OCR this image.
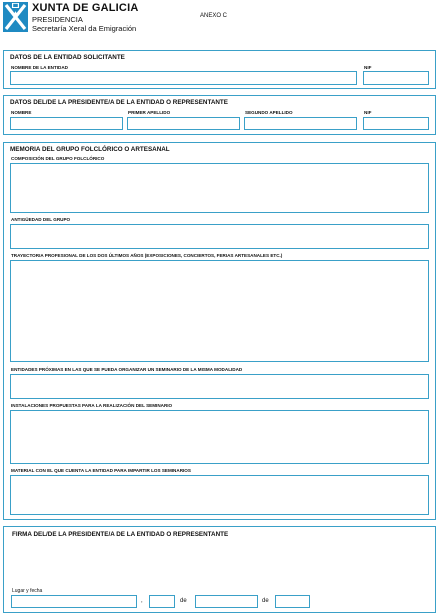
XUNTA DE GALICIA
PRESIDENCIA
Secretaría Xeral da Emigración
ANEXO C
DATOS DE LA ENTIDAD SOLICITANTE
NOMBRE DE LA ENTIDAD	NIF
DATOS DEL/DE LA PRESIDENTE/A DE LA ENTIDAD O REPRESENTANTE
NOMBRE	PRIMER APELLIDO	SEGUNDO APELLIDO	NIF
MEMORIA DEL GRUPO FOLCLÓRICO O ARTESANAL
COMPOSICIÓN DEL GRUPO FOLCLÓRICO
ANTIGÜEDAD DEL GRUPO
TRAYECTORIA PROFESIONAL DE LOS DOS ÚLTIMOS AÑOS (EXPOSICIONES, CONCIERTOS, FERIAS ARTESANALES ETC.)
ENTIDADES PRÓXIMAS EN LAS QUE SE PUEDA ORGANIZAR UN SEMINARIO DE LA MISMA MODALIDAD
INSTALACIONES PROPUESTAS PARA LA REALIZACIÓN DEL SEMINARIO
MATERIAL CON EL QUE CUENTA LA ENTIDAD PARA IMPARTIR LOS SEMINARIOS
FIRMA DEL/DE LA PRESIDENTE/A DE LA ENTIDAD O REPRESENTANTE
Lugar y fecha
,	de	de
